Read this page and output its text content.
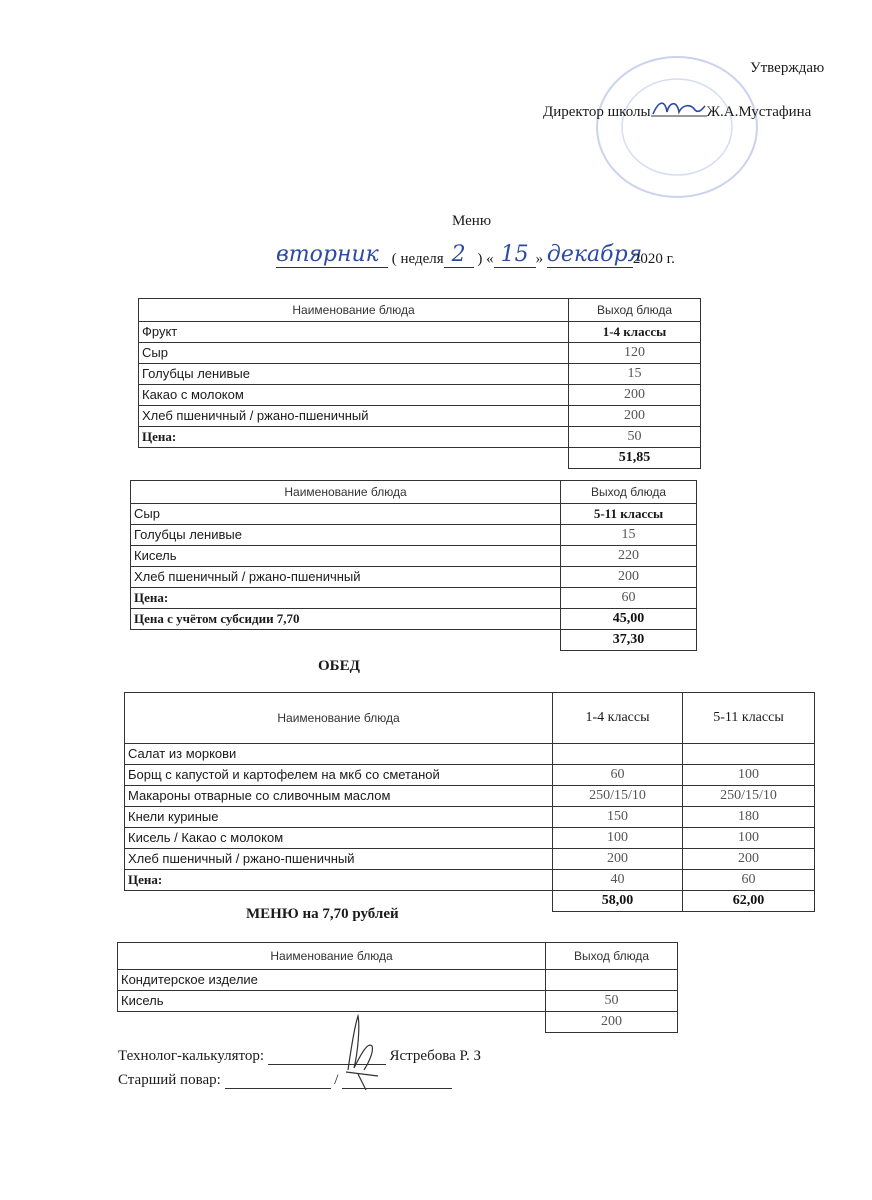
Утверждаю
Директор школы	Ж.А.Мустафина
Меню
вторник ( неделя 2 ) « 15 » декабря2020 г.
Наименование блюда	Выход блюда
Фрукт	1-4 классы
Сыр	120
Голубцы ленивые	15
Какао с молоком	200
Хлеб пшеничный / ржано-пшеничный	200
Цена:	50
	51,85
Наименование блюда	Выход блюда
Сыр	5-11 классы
Голубцы ленивые	15
Кисель	220
Хлеб пшеничный / ржано-пшеничный	200
Цена:	60
Цена с учётом субсидии 7,70	45,00
	37,30
ОБЕД
Наименование блюда	1-4 классы	5-11 классы
Салат из моркови		
Борщ с капустой и картофелем на мкб со сметаной	60	100
Макароны отварные со сливочным маслом	250/15/10	250/15/10
Кнели куриные	150	180
Кисель / Какао с молоком	100	100
Хлеб пшеничный / ржано-пшеничный	200	200
Цена:	40	60
	58,00	62,00
МЕНЮ на 7,70 рублей
Наименование блюда	Выход блюда
Кондитерское изделие	
Кисель	50
	200
Технолог-калькулятор:	Ястребова Р. З
Старший повар:	/
